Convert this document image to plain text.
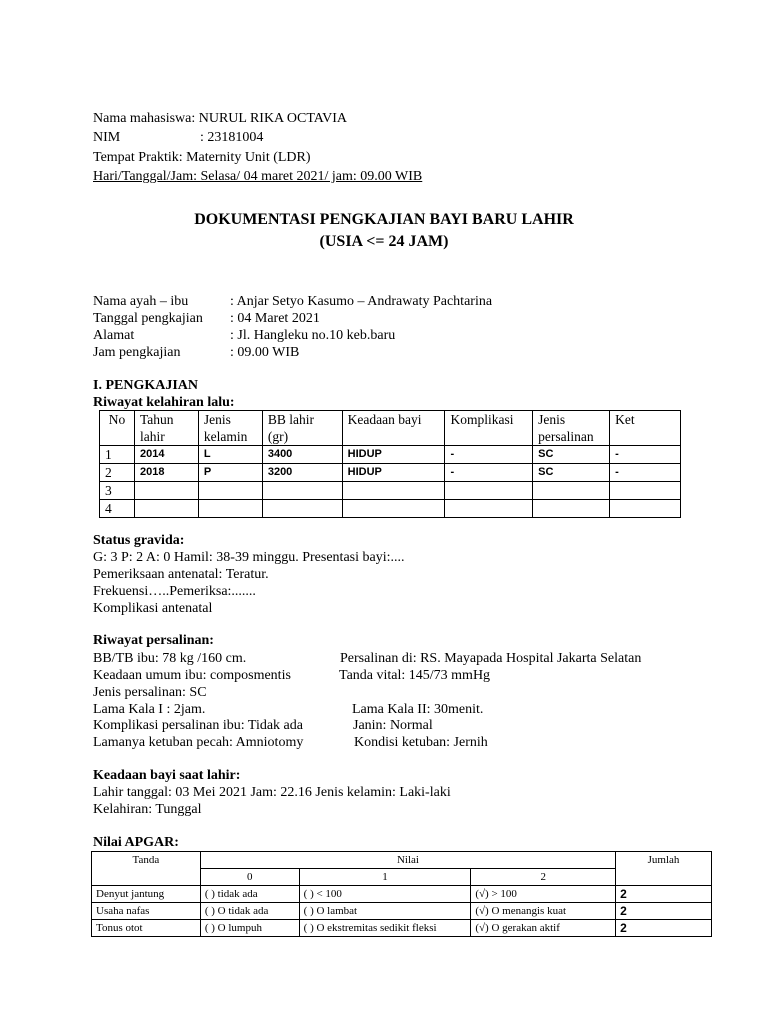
Nama mahasiswa: NURUL RIKA OCTAVIA
NIM	: 23181004
Tempat Praktik: Maternity Unit (LDR)
Hari/Tanggal/Jam: Selasa/ 04 maret 2021/ jam: 09.00 WIB
DOKUMENTASI PENGKAJIAN BAYI BARU LAHIR
(USIA <= 24 JAM)
Nama ayah – ibu	: Anjar Setyo Kasumo – Andrawaty Pachtarina
Tanggal pengkajian : 04 Maret 2021
Alamat	: Jl. Hangleku no.10 keb.baru
Jam pengkajian	: 09.00 WIB
I. PENGKAJIAN
Riwayat kelahiran lalu:
No	Tahun lahir	Jenis kelamin	BB lahir (gr)	Keadaan bayi	Komplikasi	Jenis persalinan	Ket
1	2014	L	3400	HIDUP	-	SC	-
2	2018	P	3200	HIDUP	-	SC	-
3							
4							
Status gravida:
G: 3 P: 2 A: 0 Hamil: 38-39 minggu. Presentasi bayi:....
Pemeriksaan antenatal: Teratur.
Frekuensi…..Pemeriksa:.......
Komplikasi antenatal
Riwayat persalinan:
BB/TB ibu: 78 kg /160 cm.	Persalinan di: RS. Mayapada Hospital Jakarta Selatan
Keadaan umum ibu: composmentis	Tanda vital: 145/73 mmHg
Jenis persalinan: SC
Lama Kala I : 2jam.	Lama Kala II: 30menit.
Komplikasi persalinan ibu: Tidak ada	Janin: Normal
Lamanya ketuban pecah: Amniotomy	Kondisi ketuban: Jernih
Keadaan bayi saat lahir:
Lahir tanggal: 03 Mei 2021 Jam: 22.16 Jenis kelamin: Laki-laki
Kelahiran: Tunggal
Nilai APGAR:
Tanda	Nilai			Jumlah
	0	1	2	
Denyut jantung	( ) tidak ada	( ) < 100	(√) > 100	2
Usaha nafas	( ) O tidak ada	( ) O lambat	(√) O menangis kuat	2
Tonus otot	( ) O lumpuh	( ) O ekstremitas sedikit fleksi	(√) O gerakan aktif	2
